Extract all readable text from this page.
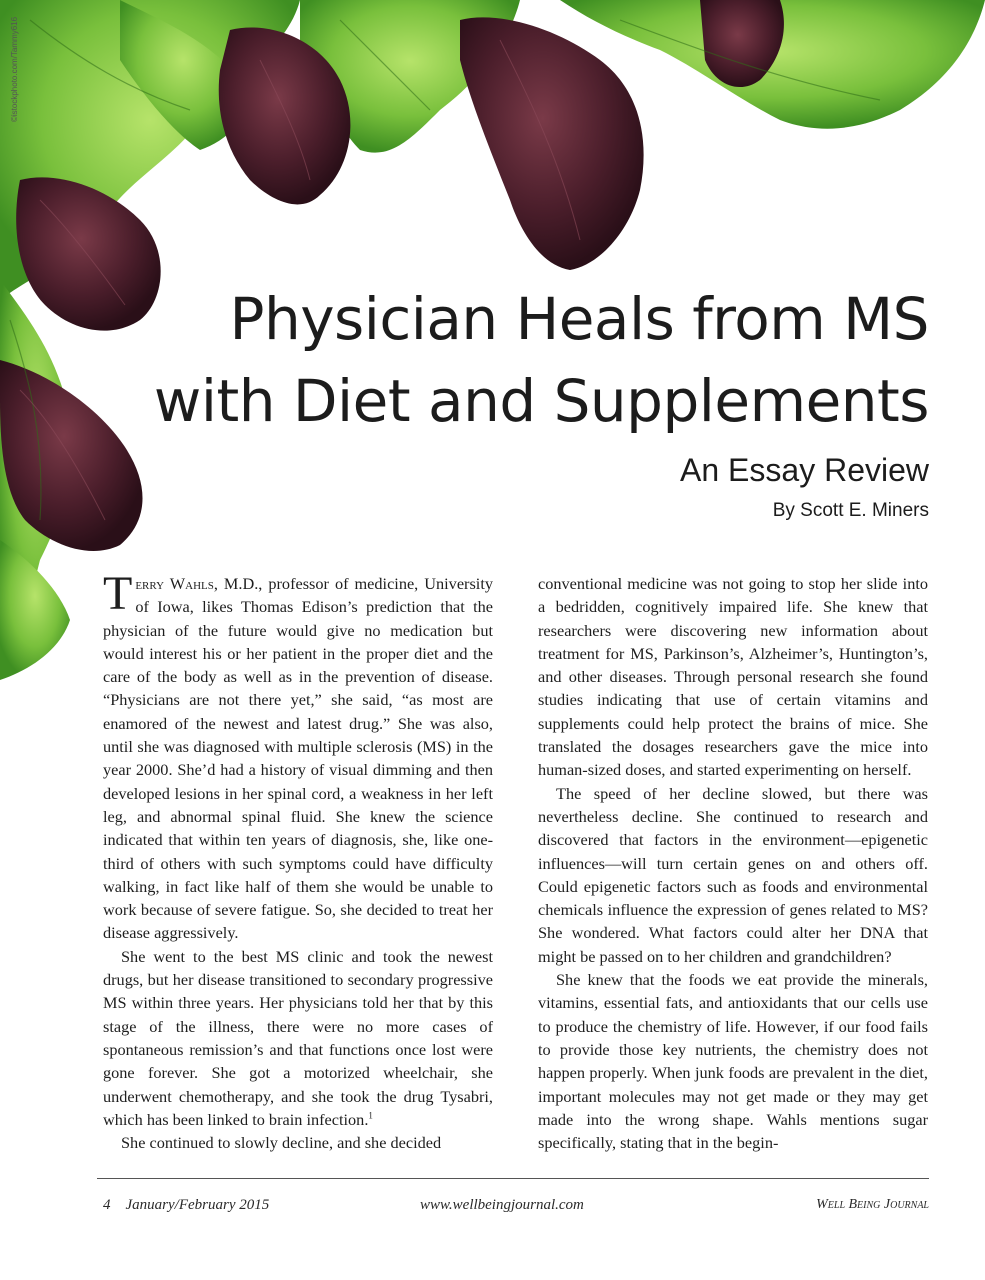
©istockphoto.com/Tammy616
Physician Heals from MS
with Diet and Supplements
An Essay Review
By Scott E. Miners

Terry Wahls, M.D., professor of medicine, University of Iowa, likes Thomas Edison’s prediction that the physician of the future would give no medication but would interest his or her patient in the proper diet and the care of the body as well as in the prevention of disease. “Physicians are not there yet,” she said, “as most are enamored of the newest and latest drug.” She was also, until she was diagnosed with multiple sclerosis (MS) in the year 2000. She’d had a history of visual dimming and then developed lesions in her spinal cord, a weakness in her left leg, and abnormal spinal fluid. She knew the science indicated that within ten years of diagnosis, she, like one-third of others with such symptoms could have difficulty walking, in fact like half of them she would be unable to work because of severe fatigue. So, she decided to treat her disease aggressively.

She went to the best MS clinic and took the newest drugs, but her disease transitioned to secondary progressive MS within three years. Her physicians told her that by this stage of the illness, there were no more cases of spontaneous remission’s and that functions once lost were gone forever. She got a motorized wheelchair, she underwent chemotherapy, and she took the drug Tysabri, which has been linked to brain infection.$^1$

She continued to slowly decline, and she decided

conventional medicine was not going to stop her slide into a bedridden, cognitively impaired life. She knew that researchers were discovering new information about treatment for MS, Parkinson’s, Alzheimer’s, Huntington’s, and other diseases. Through personal research she found studies indicating that use of certain vitamins and supplements could help protect the brains of mice. She translated the dosages researchers gave the mice into human-sized doses, and started experimenting on herself.

The speed of her decline slowed, but there was nevertheless decline. She continued to research and discovered that factors in the environment—epigenetic influences—will turn certain genes on and others off. Could epigenetic factors such as foods and environmental chemicals influence the expression of genes related to MS? She wondered. What factors could alter her DNA that might be passed on to her children and grandchildren?

She knew that the foods we eat provide the minerals, vitamins, essential fats, and antioxidants that our cells use to produce the chemistry of life. However, if our food fails to provide those key nutrients, the chemistry does not happen properly. When junk foods are prevalent in the diet, important molecules may not get made or they may get made into the wrong shape. Wahls mentions sugar specifically, stating that in the begin-

4 January/February 2015	www.wellbeingjournal.com	Well Being Journal
